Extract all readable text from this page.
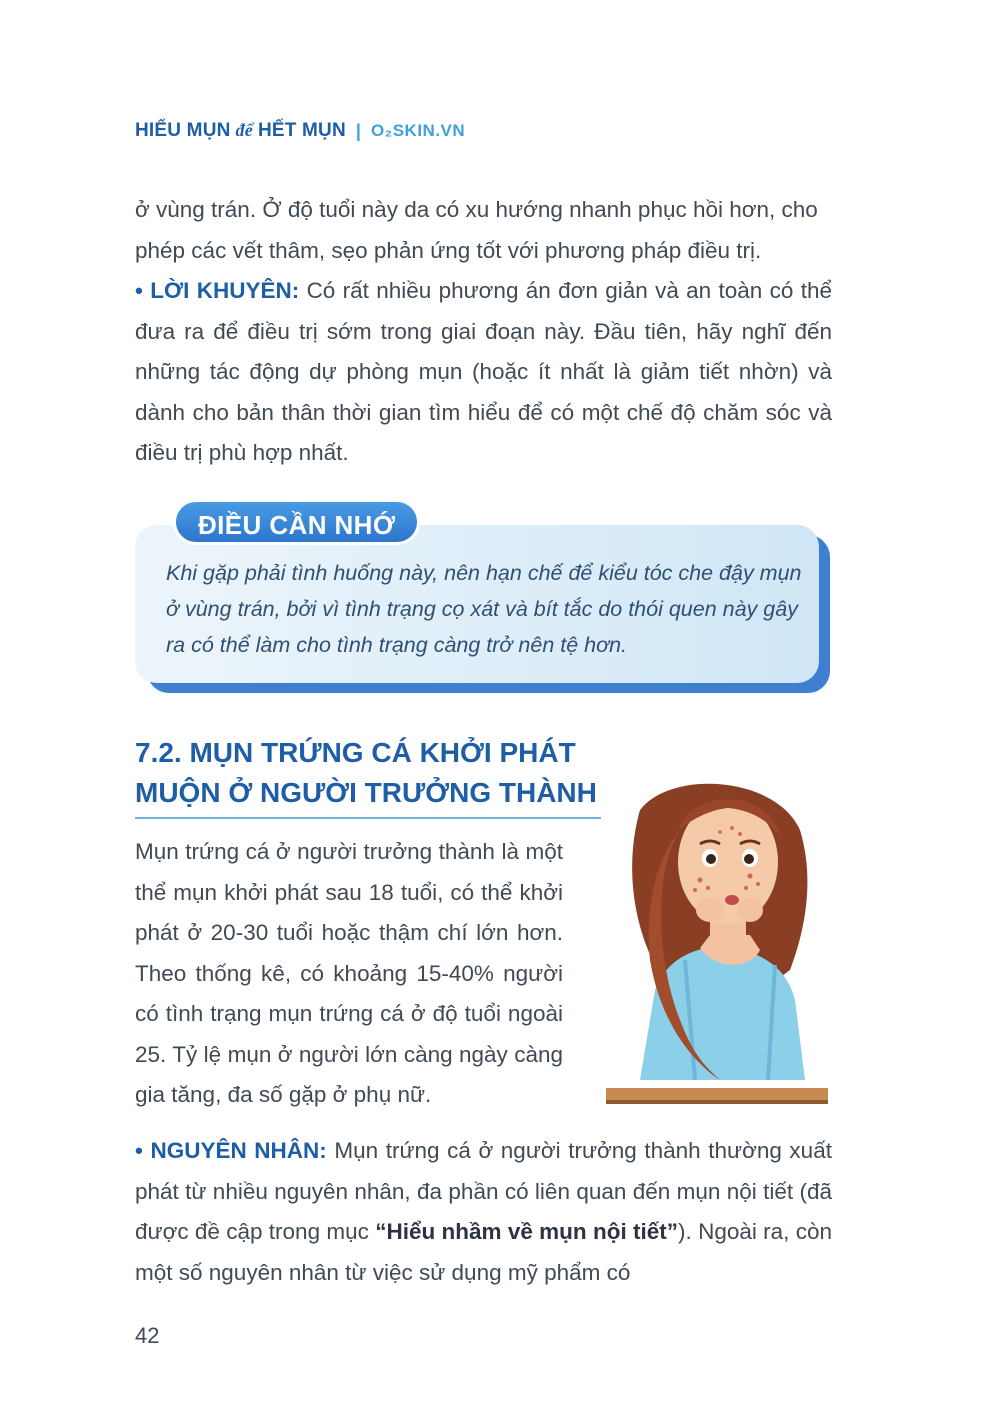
HIỂU MỤN để HẾT MỤN | O₂SKIN.VN
ở vùng trán. Ở độ tuổi này da có xu hướng nhanh phục hồi hơn, cho
phép các vết thâm, sẹo phản ứng tốt với phương pháp điều trị.
• LỜI KHUYÊN: Có rất nhiều phương án đơn giản và an toàn có thể đưa ra để điều trị sớm trong giai đoạn này. Đầu tiên, hãy nghĩ đến những tác động dự phòng mụn (hoặc ít nhất là giảm tiết nhờn) và dành cho bản thân thời gian tìm hiểu để có một chế độ chăm sóc và điều trị phù hợp nhất.
ĐIỀU CẦN NHỚ
Khi gặp phải tình huống này, nên hạn chế để kiểu tóc che đậy mụn ở vùng trán, bởi vì tình trạng cọ xát và bít tắc do thói quen này gây ra có thể làm cho tình trạng càng trở nên tệ hơn.
7.2. MỤN TRỨNG CÁ KHỞI PHÁT
MUỘN Ở NGƯỜI TRƯỞNG THÀNH
Mụn trứng cá ở người trưởng thành là một thể mụn khởi phát sau 18 tuổi, có thể khởi phát ở 20-30 tuổi hoặc thậm chí lớn hơn. Theo thống kê, có khoảng 15-40% người có tình trạng mụn trứng cá ở độ tuổi ngoài 25. Tỷ lệ mụn ở người lớn càng ngày càng gia tăng, đa số gặp ở phụ nữ.
• NGUYÊN NHÂN: Mụn trứng cá ở người trưởng thành thường xuất phát từ nhiều nguyên nhân, đa phần có liên quan đến mụn nội tiết (đã được đề cập trong mục “Hiểu nhầm về mụn nội tiết”). Ngoài ra, còn một số nguyên nhân từ việc sử dụng mỹ phẩm có
42
